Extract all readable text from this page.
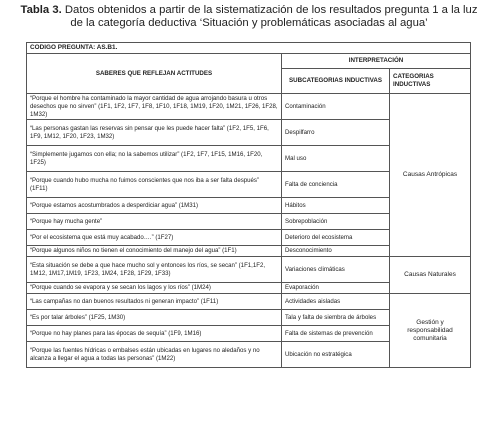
Tabla 3. Datos obtenidos a partir de la sistematización de los resultados pregunta 1 a la luz de la categoría deductiva ‘Situación y problemáticas asociadas al agua’
CODIGO PREGUNTA: AS.B1.		
SABERES QUE REFLEJAN ACTITUDES	INTERPRETACIÓN	
	SUBCATEGORIAS INDUCTIVAS	CATEGORIAS INDUCTIVAS
“Porque el hombre ha contaminado la mayor cantidad de agua arrojando basura u otros desechos que no sirven” (1F1, 1F2, 1F7, 1F8, 1F10, 1F18, 1M19, 1F20, 1M21, 1F26, 1F28, 1M32)	Contaminación	Causas Antrópicas
“Las personas gastan las reservas sin pensar que les puede hacer falta” (1F2, 1F5, 1F6, 1F9, 1M12, 1F20, 1F23, 1M32)	Despilfarro	
“Simplemente jugamos con ella; no la sabemos utilizar” (1F2, 1F7, 1F15, 1M16, 1F20, 1F25)	Mal uso	
“Porque cuando hubo mucha no fuimos conscientes que nos iba a ser falta después” (1F11)	Falta de conciencia	
“Porque estamos acostumbrados a desperdiciar agua” (1M31)	Hábitos	
“Porque hay mucha gente”	Sobrepoblación	
“Por el ecosistema que está muy acabado….” (1F27)	Deterioro del ecosistema	
“Porque algunos niños no tienen el conocimiento del manejo del agua” (1F1)	Desconocimiento	
“Esta situación se debe a que hace mucho sol y entonces los ríos, se secan” (1F1,1F2, 1M12, 1M17,1M19, 1F23, 1M24, 1F28, 1F29, 1F33)	Variaciones climáticas	Causas Naturales
“Porque cuando se evapora y se secan los lagos y los ríos” (1M24)	Evaporación	
“Las campañas no dan buenos resultados ni generan impacto” (1F11)	Actividades aisladas	Gestión y responsabilidad comunitaria
“Es por talar árboles” (1F25, 1M30)	Tala y falta de siembra de árboles	
“Porque no hay planes para las épocas de sequía” (1F9, 1M16)	Falta de sistemas de prevención	
“Porque las fuentes hídricas o embalses están ubicadas en lugares no aledaños y no alcanza a llegar el agua a todas las personas” (1M22)	Ubicación no estratégica	
